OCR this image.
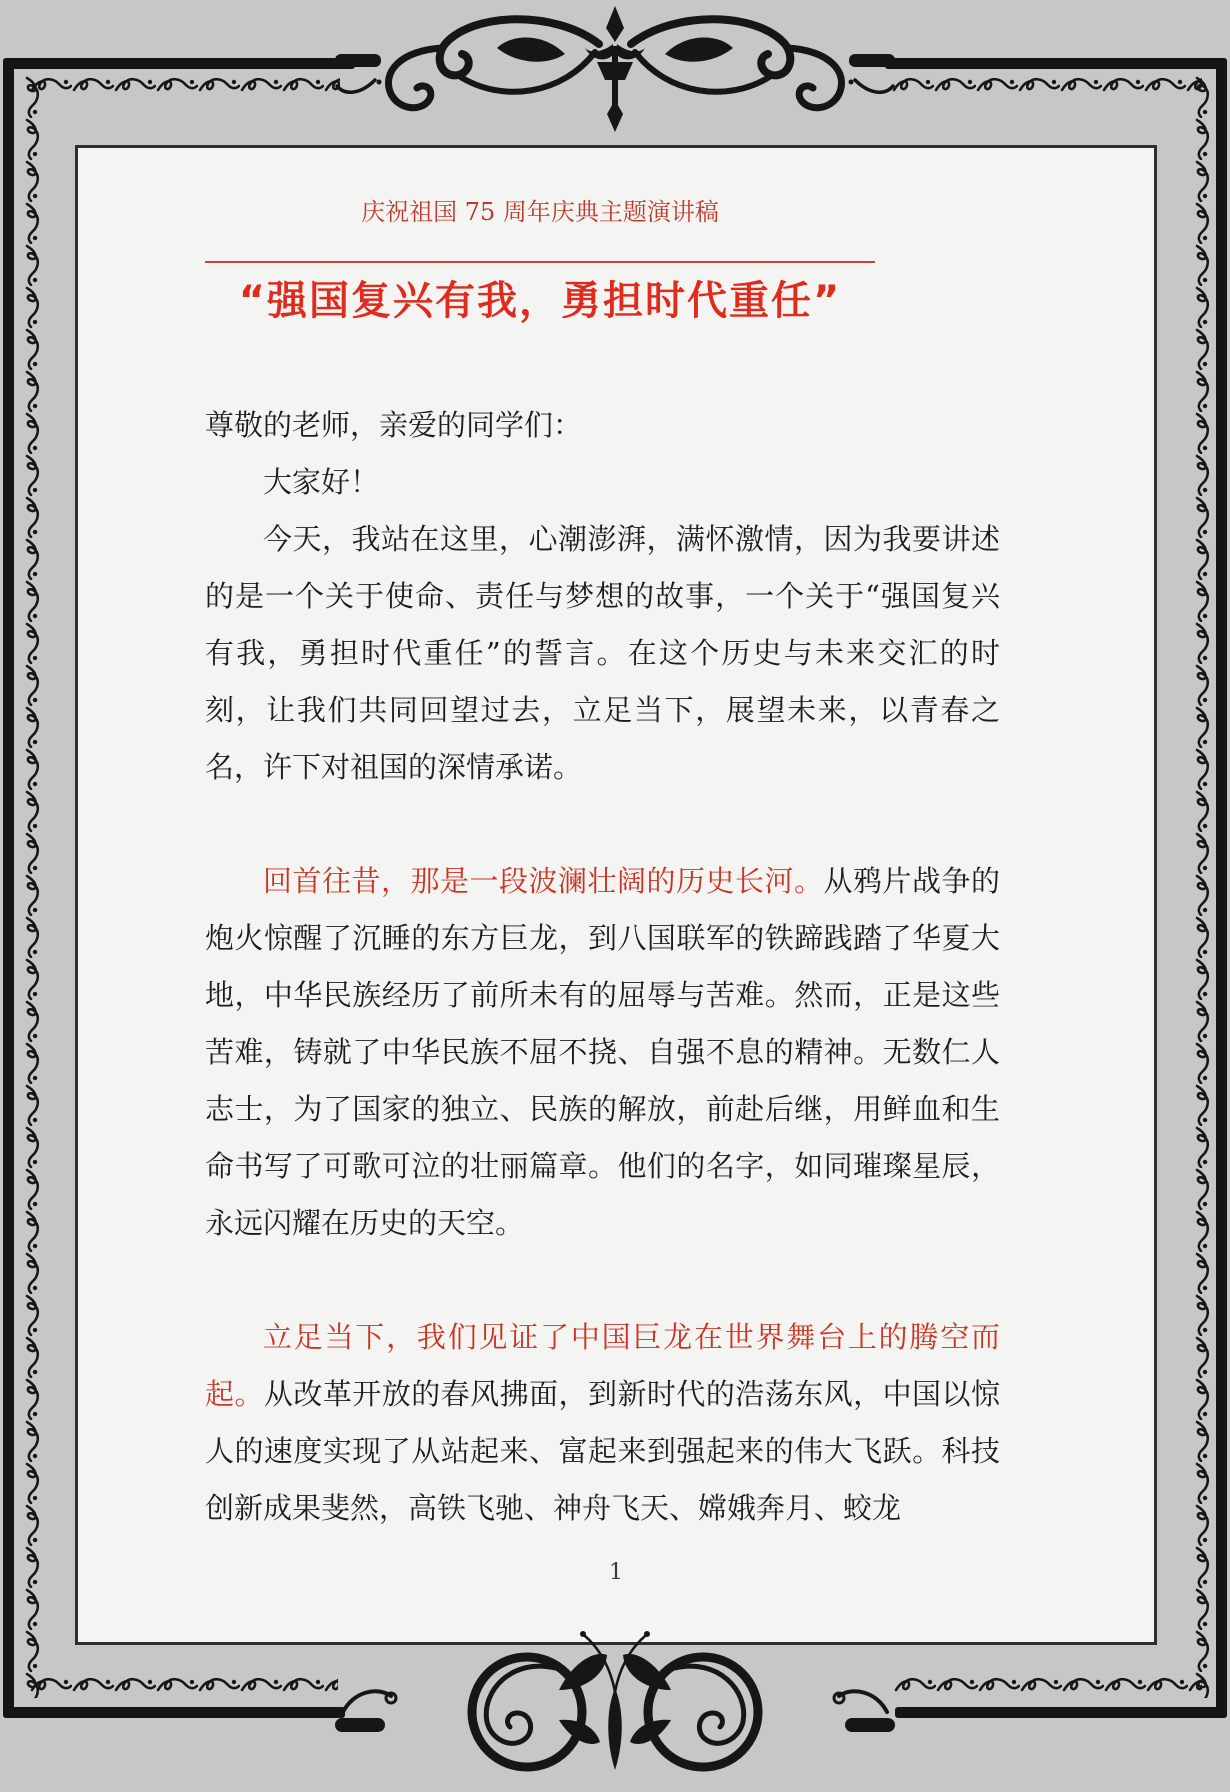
庆祝祖国 75 周年庆典主题演讲稿
“强国复兴有我，勇担时代重任”

尊敬的老师，亲爱的同学们：

大家好！

今天，我站在这里，心潮澎湃，满怀激情，因为我要讲述的是一个关于使命、责任与梦想的故事，一个关于“强国复兴有我，勇担时代重任”的誓言。在这个历史与未来交汇的时刻，让我们共同回望过去，立足当下，展望未来，以青春之名，许下对祖国的深情承诺。

回首往昔，那是一段波澜壮阔的历史长河。从鸦片战争的炮火惊醒了沉睡的东方巨龙，到八国联军的铁蹄践踏了华夏大地，中华民族经历了前所未有的屈辱与苦难。然而，正是这些苦难，铸就了中华民族不屈不挠、自强不息的精神。无数仁人志士，为了国家的独立、民族的解放，前赴后继，用鲜血和生命书写了可歌可泣的壮丽篇章。他们的名字，如同璀璨星辰，永远闪耀在历史的天空。

立足当下，我们见证了中国巨龙在世界舞台上的腾空而起。从改革开放的春风拂面，到新时代的浩荡东风，中国以惊人的速度实现了从站起来、富起来到强起来的伟大飞跃。科技创新成果斐然，高铁飞驰、神舟飞天、嫦娥奔月、蛟龙

1
